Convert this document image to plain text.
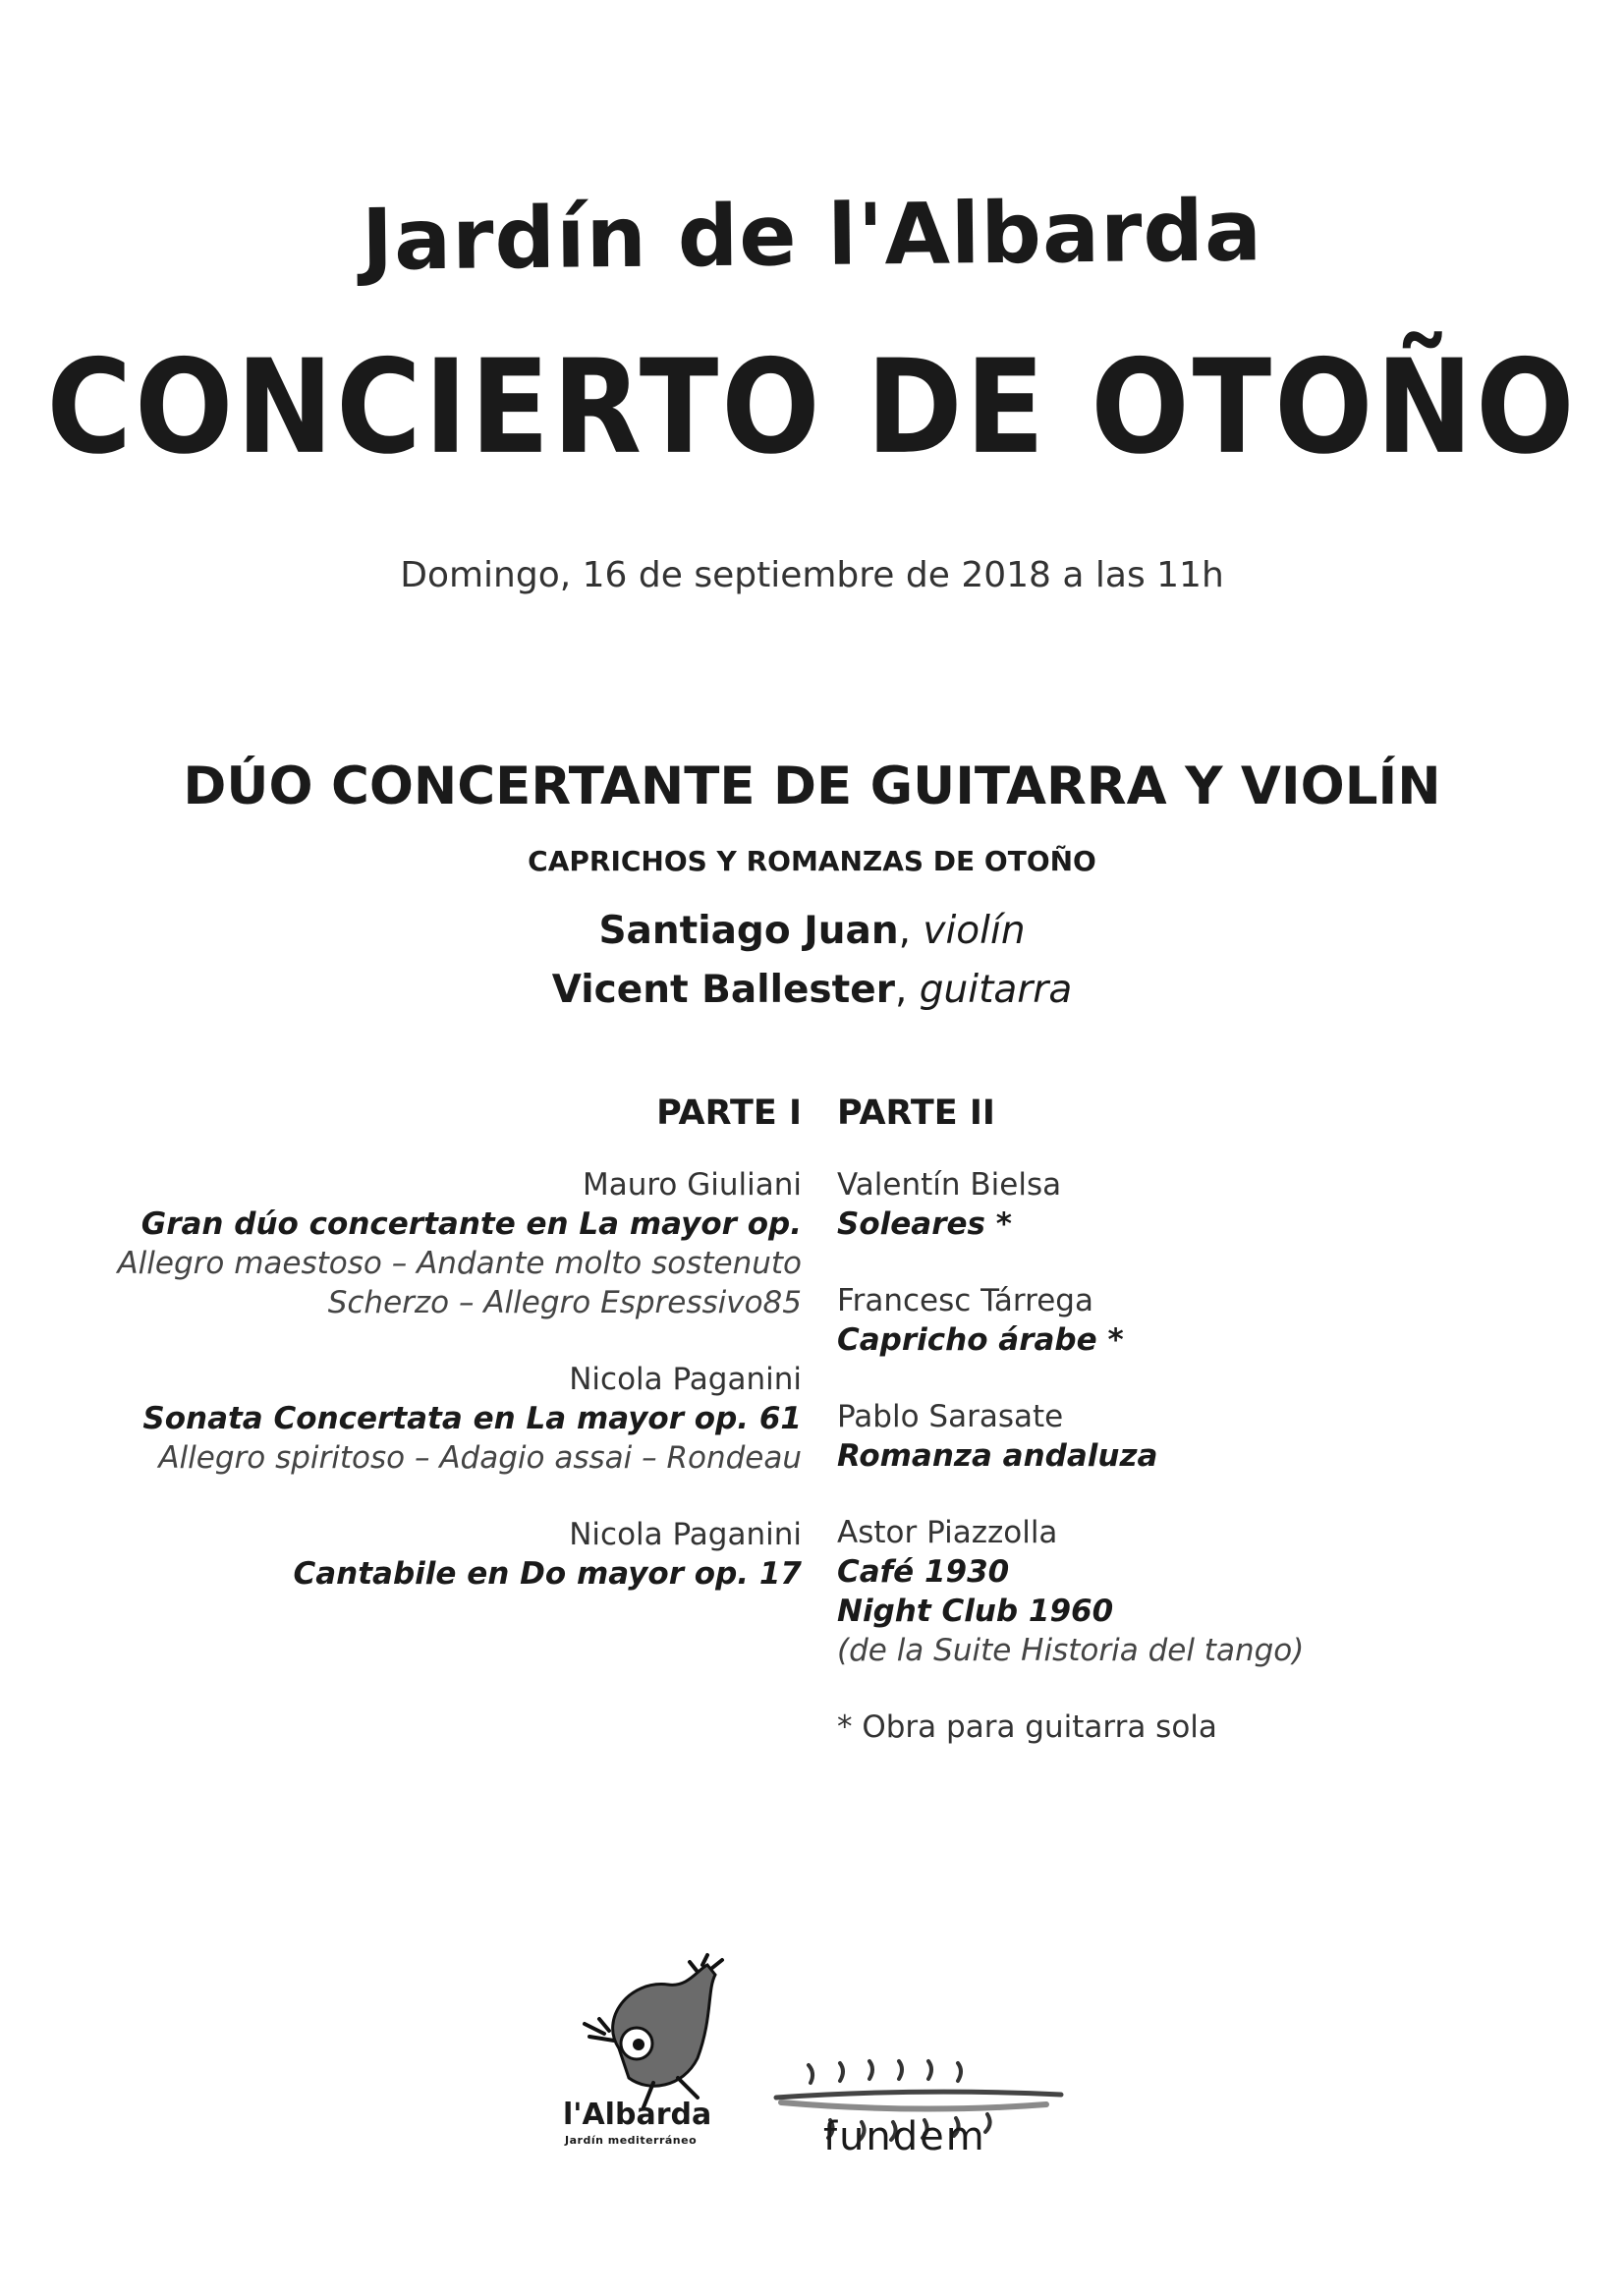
Jardín de l'Albarda
CONCIERTO DE OTOÑO
Domingo, 16 de septiembre de 2018 a las 11h
DÚO CONCERTANTE DE GUITARRA Y VIOLÍN
CAPRICHOS Y ROMANZAS DE OTOÑO
Santiago Juan, violín
Vicent Ballester, guitarra
PARTE I
Mauro Giuliani
Gran dúo concertante en La mayor op.
Allegro maestoso – Andante molto sostenuto
Scherzo – Allegro Espressivo85
Nicola Paganini
Sonata Concertata en La mayor op. 61
Allegro spiritoso – Adagio assai – Rondeau
Nicola Paganini
Cantabile en Do mayor op. 17
PARTE II
Valentín Bielsa
Soleares *
Francesc Tárrega
Capricho árabe *
Pablo Sarasate
Romanza andaluza
Astor Piazzolla
Café 1930
Night Club 1960
(de la Suite Historia del tango)
* Obra para guitarra sola
l'Albarda
Jardín mediterráneo	fundem
